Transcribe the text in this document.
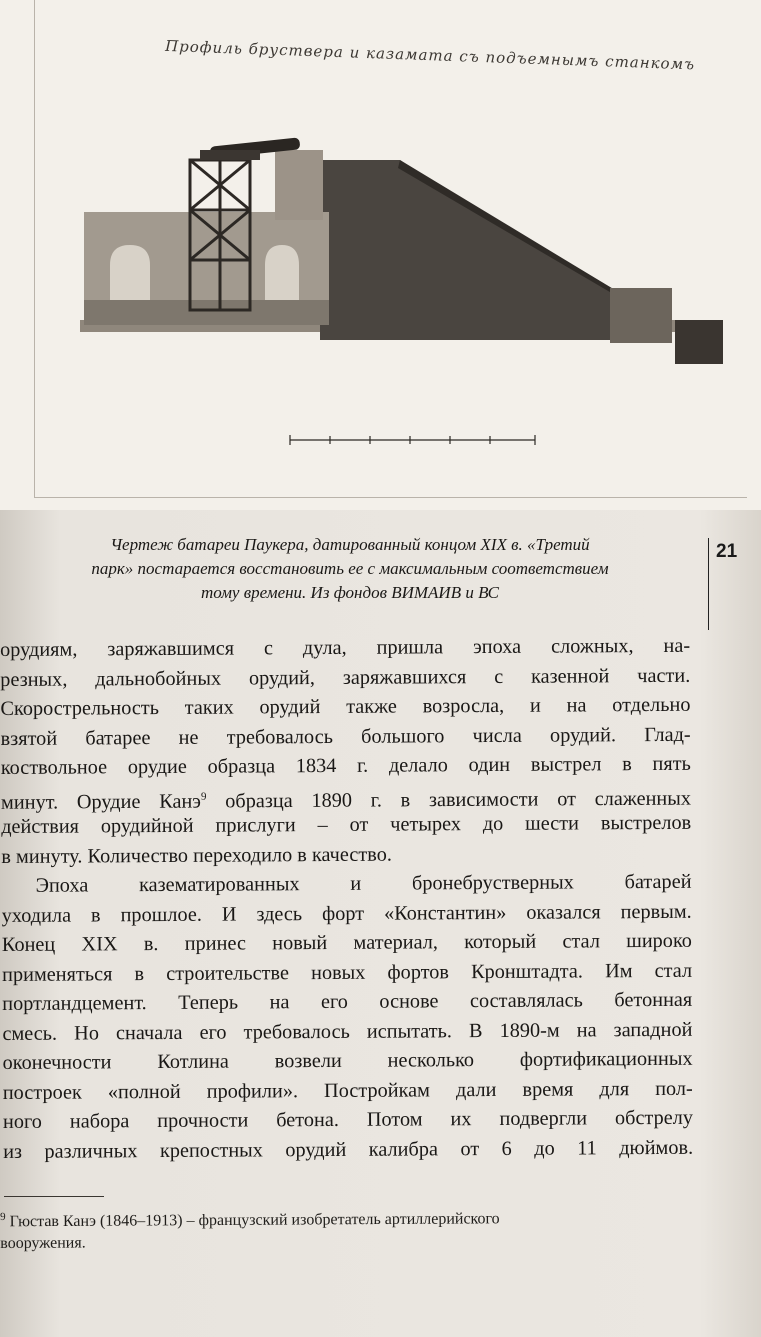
Профиль бруствера и казамата съ подъемнымъ станкомъ
Чертеж батареи Паукера, датированный концом XIX в. «Третий
парк» постарается восстановить ее с максимальным соответствием
тому времени. Из фондов ВИМАИВ и ВС
21
орудиям, заряжавшимся с дула, пришла эпоха сложных, на-
резных, дальнобойных орудий, заряжавшихся с казенной части.
Скорострельность таких орудий также возросла, и на отдельно
взятой батарее не требовалось большого числа орудий. Глад-
коствольное орудие образца 1834 г. делало один выстрел в пять
минут. Орудие Канэ$^9$ образца 1890 г. в зависимости от слаженных
действия орудийной прислуги – от четырех до шести выстрелов
в минуту. Количество переходило в качество.
Эпоха казематированных и бронебрустверных батарей
уходила в прошлое. И здесь форт «Константин» оказался первым.
Конец XIX в. принес новый материал, который стал широко
применяться в строительстве новых фортов Кронштадта. Им стал
портландцемент. Теперь на его основе составлялась бетонная
смесь. Но сначала его требовалось испытать. В 1890-м на западной
оконечности Котлина возвели несколько фортификационных
построек «полной профили». Постройкам дали время для пол-
ного набора прочности бетона. Потом их подвергли обстрелу
из различных крепостных орудий калибра от 6 до 11 дюймов.
$^9$ Гюстав Канэ (1846–1913) – французский изобретатель артиллерийского
вооружения.
